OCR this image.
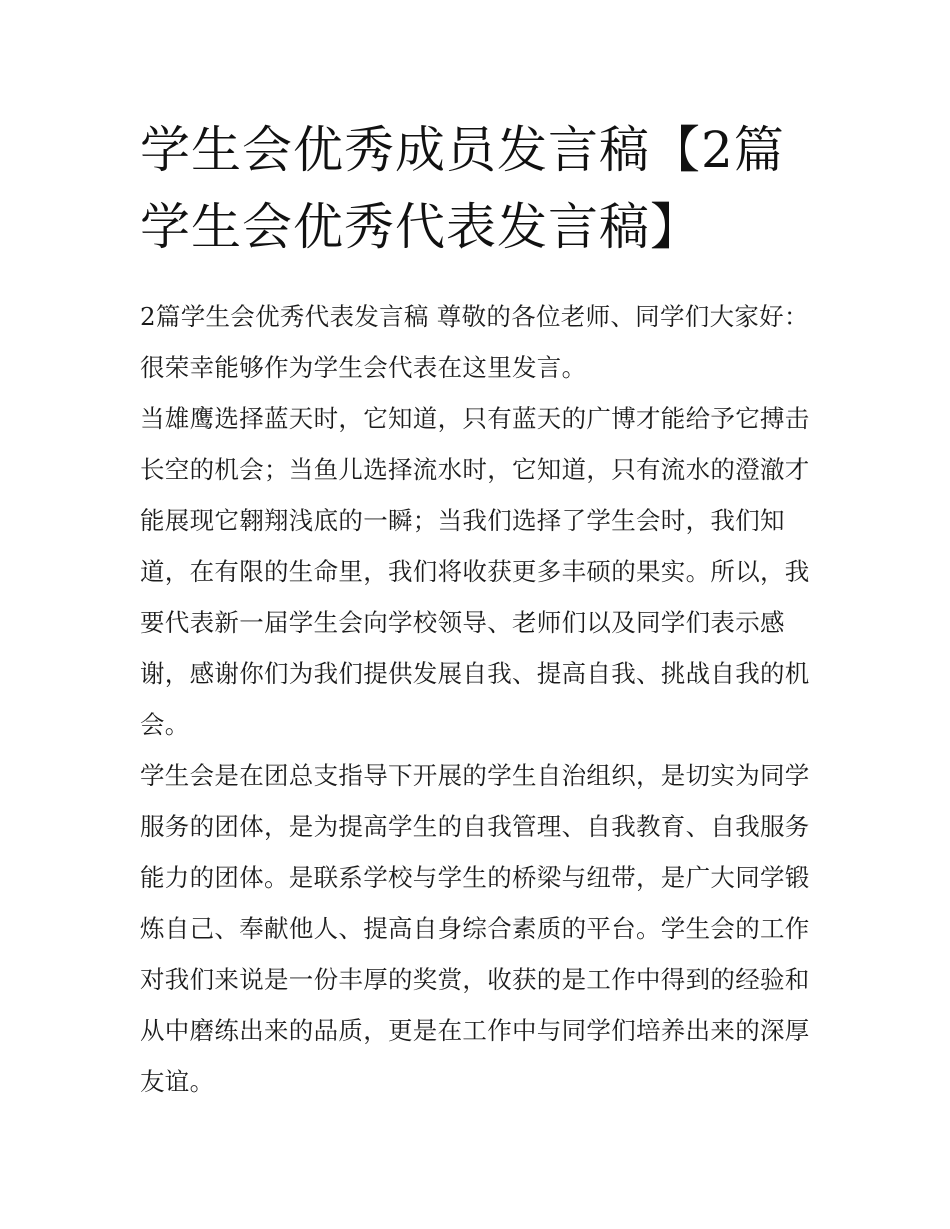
学生会优秀成员发言稿【2篇
学生会优秀代表发言稿】

2篇学生会优秀代表发言稿 尊敬的各位老师、同学们大家好：
很荣幸能够作为学生会代表在这里发言。

当雄鹰选择蓝天时，它知道，只有蓝天的广博才能给予它搏击
长空的机会；当鱼儿选择流水时，它知道，只有流水的澄澈才
能展现它翱翔浅底的一瞬；当我们选择了学生会时，我们知
道，在有限的生命里，我们将收获更多丰硕的果实。所以，我
要代表新一届学生会向学校领导、老师们以及同学们表示感
谢，感谢你们为我们提供发展自我、提高自我、挑战自我的机
会。

学生会是在团总支指导下开展的学生自治组织，是切实为同学
服务的团体，是为提高学生的自我管理、自我教育、自我服务
能力的团体。是联系学校与学生的桥梁与纽带，是广大同学锻
炼自己、奉献他人、提高自身综合素质的平台。学生会的工作
对我们来说是一份丰厚的奖赏，收获的是工作中得到的经验和
从中磨练出来的品质，更是在工作中与同学们培养出来的深厚
友谊。
